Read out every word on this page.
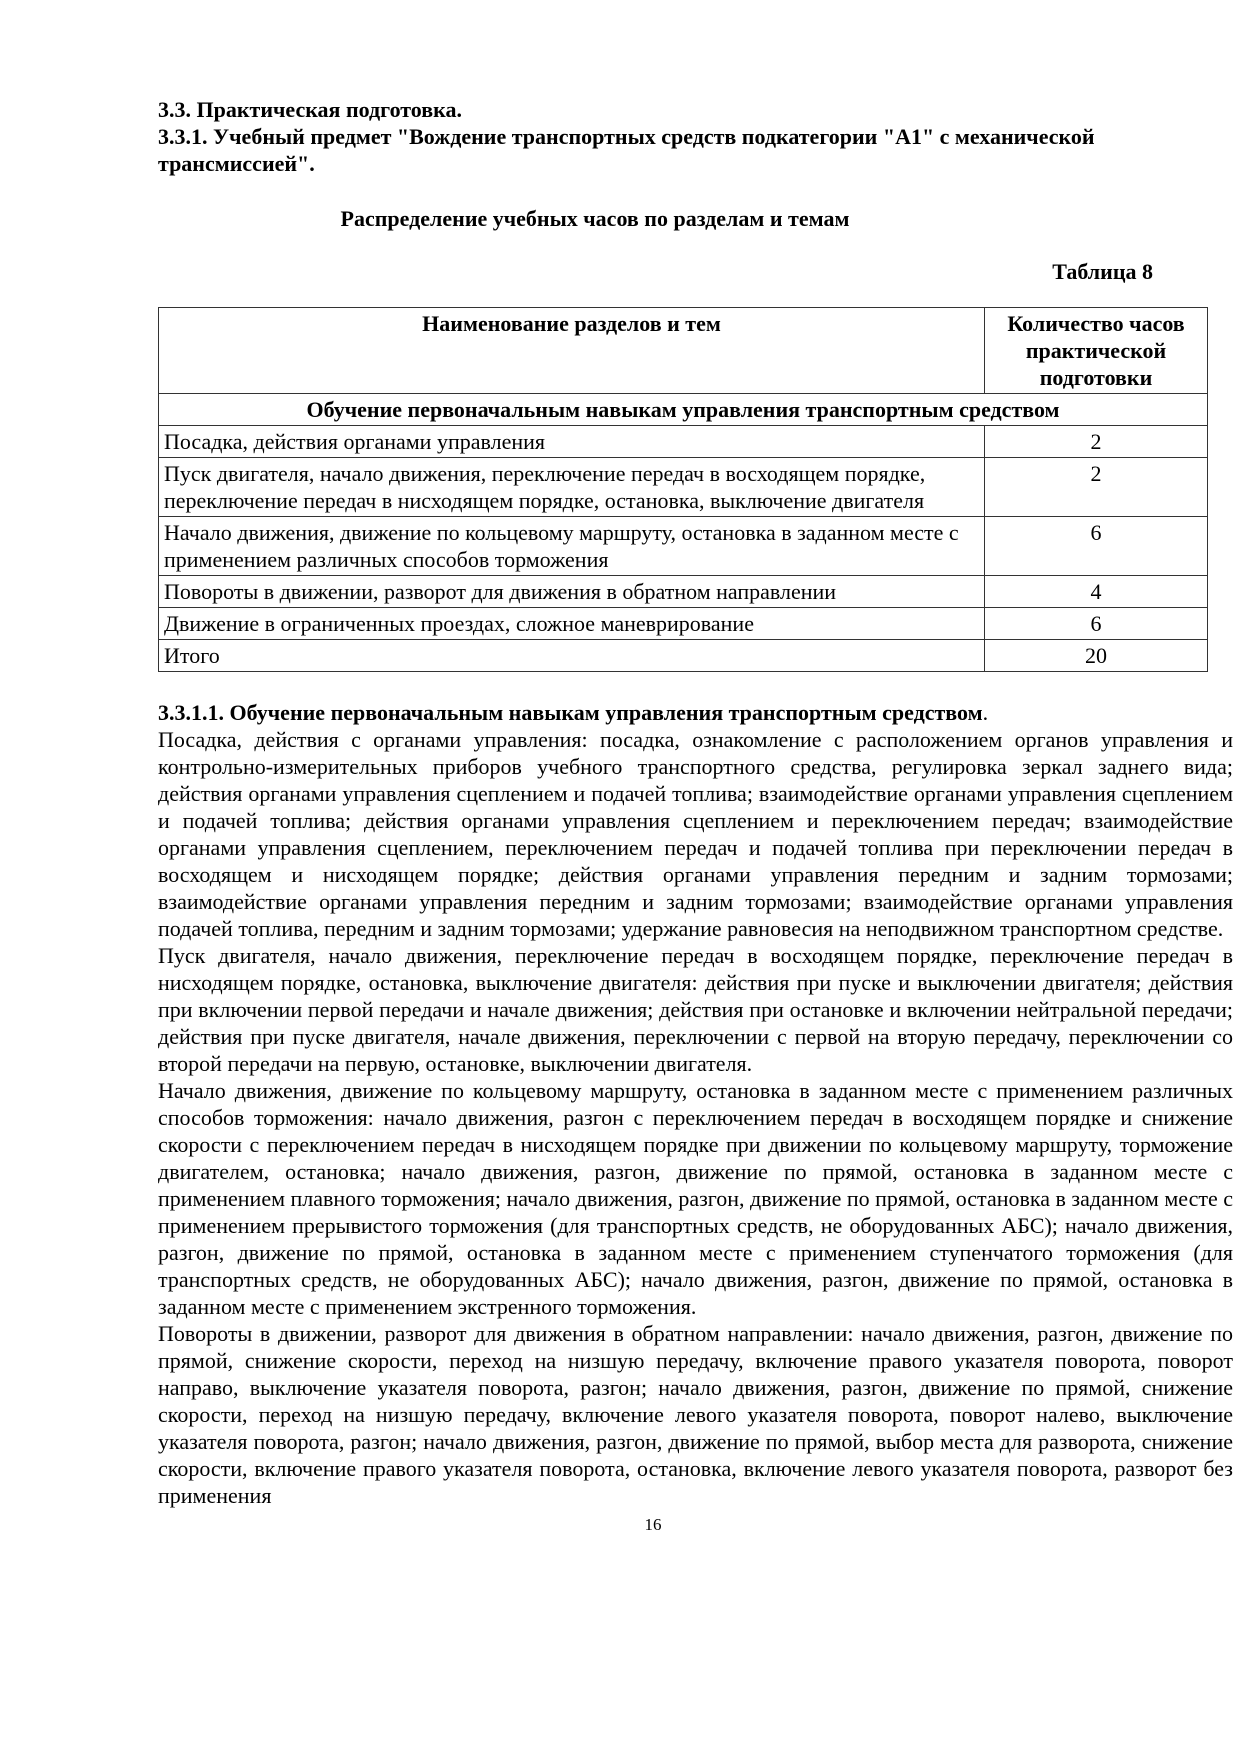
3.3. Практическая подготовка.

3.3.1. Учебный предмет "Вождение транспортных средств подкатегории "А1" с механической трансмиссией".

Распределение учебных часов по разделам и темам
Таблица 8
Наименование разделов и тем	Количество часов практической подготовки
Обучение первоначальным навыкам управления транспортным средством	
Посадка, действия органами управления	2
Пуск двигателя, начало движения, переключение передач в восходящем порядке, переключение передач в нисходящем порядке, остановка, выключение двигателя	2
Начало движения, движение по кольцевому маршруту, остановка в заданном месте с применением различных способов торможения	6
Повороты в движении, разворот для движения в обратном направлении	4
Движение в ограниченных проездах, сложное маневрирование	6
Итого	20
3.3.1.1. Обучение первоначальным навыкам управления транспортным средством.

Посадка, действия с органами управления: посадка, ознакомление с расположением органов управления и контрольно-измерительных приборов учебного транспортного средства, регулировка зеркал заднего вида; действия органами управления сцеплением и подачей топлива; взаимодействие органами управления сцеплением и подачей топлива; действия органами управления сцеплением и переключением передач; взаимодействие органами управления сцеплением, переключением передач и подачей топлива при переключении передач в восходящем и нисходящем порядке; действия органами управления передним и задним тормозами; взаимодействие органами управления передним и задним тормозами; взаимодействие органами управления подачей топлива, передним и задним тормозами; удержание равновесия на неподвижном транспортном средстве.

Пуск двигателя, начало движения, переключение передач в восходящем порядке, переключение передач в нисходящем порядке, остановка, выключение двигателя: действия при пуске и выключении двигателя; действия при включении первой передачи и начале движения; действия при остановке и включении нейтральной передачи; действия при пуске двигателя, начале движения, переключении с первой на вторую передачу, переключении со второй передачи на первую, остановке, выключении двигателя.

Начало движения, движение по кольцевому маршруту, остановка в заданном месте с применением различных способов торможения: начало движения, разгон с переключением передач в восходящем порядке и снижение скорости с переключением передач в нисходящем порядке при движении по кольцевому маршруту, торможение двигателем, остановка; начало движения, разгон, движение по прямой, остановка в заданном месте с применением плавного торможения; начало движения, разгон, движение по прямой, остановка в заданном месте с применением прерывистого торможения (для транспортных средств, не оборудованных АБС); начало движения, разгон, движение по прямой, остановка в заданном месте с применением ступенчатого торможения (для транспортных средств, не оборудованных АБС); начало движения, разгон, движение по прямой, остановка в заданном месте с применением экстренного торможения.

Повороты в движении, разворот для движения в обратном направлении: начало движения, разгон, движение по прямой, снижение скорости, переход на низшую передачу, включение правого указателя поворота, поворот направо, выключение указателя поворота, разгон; начало движения, разгон, движение по прямой, снижение скорости, переход на низшую передачу, включение левого указателя поворота, поворот налево, выключение указателя поворота, разгон; начало движения, разгон, движение по прямой, выбор места для разворота, снижение скорости, включение правого указателя поворота, остановка, включение левого указателя поворота, разворот без применения

16
